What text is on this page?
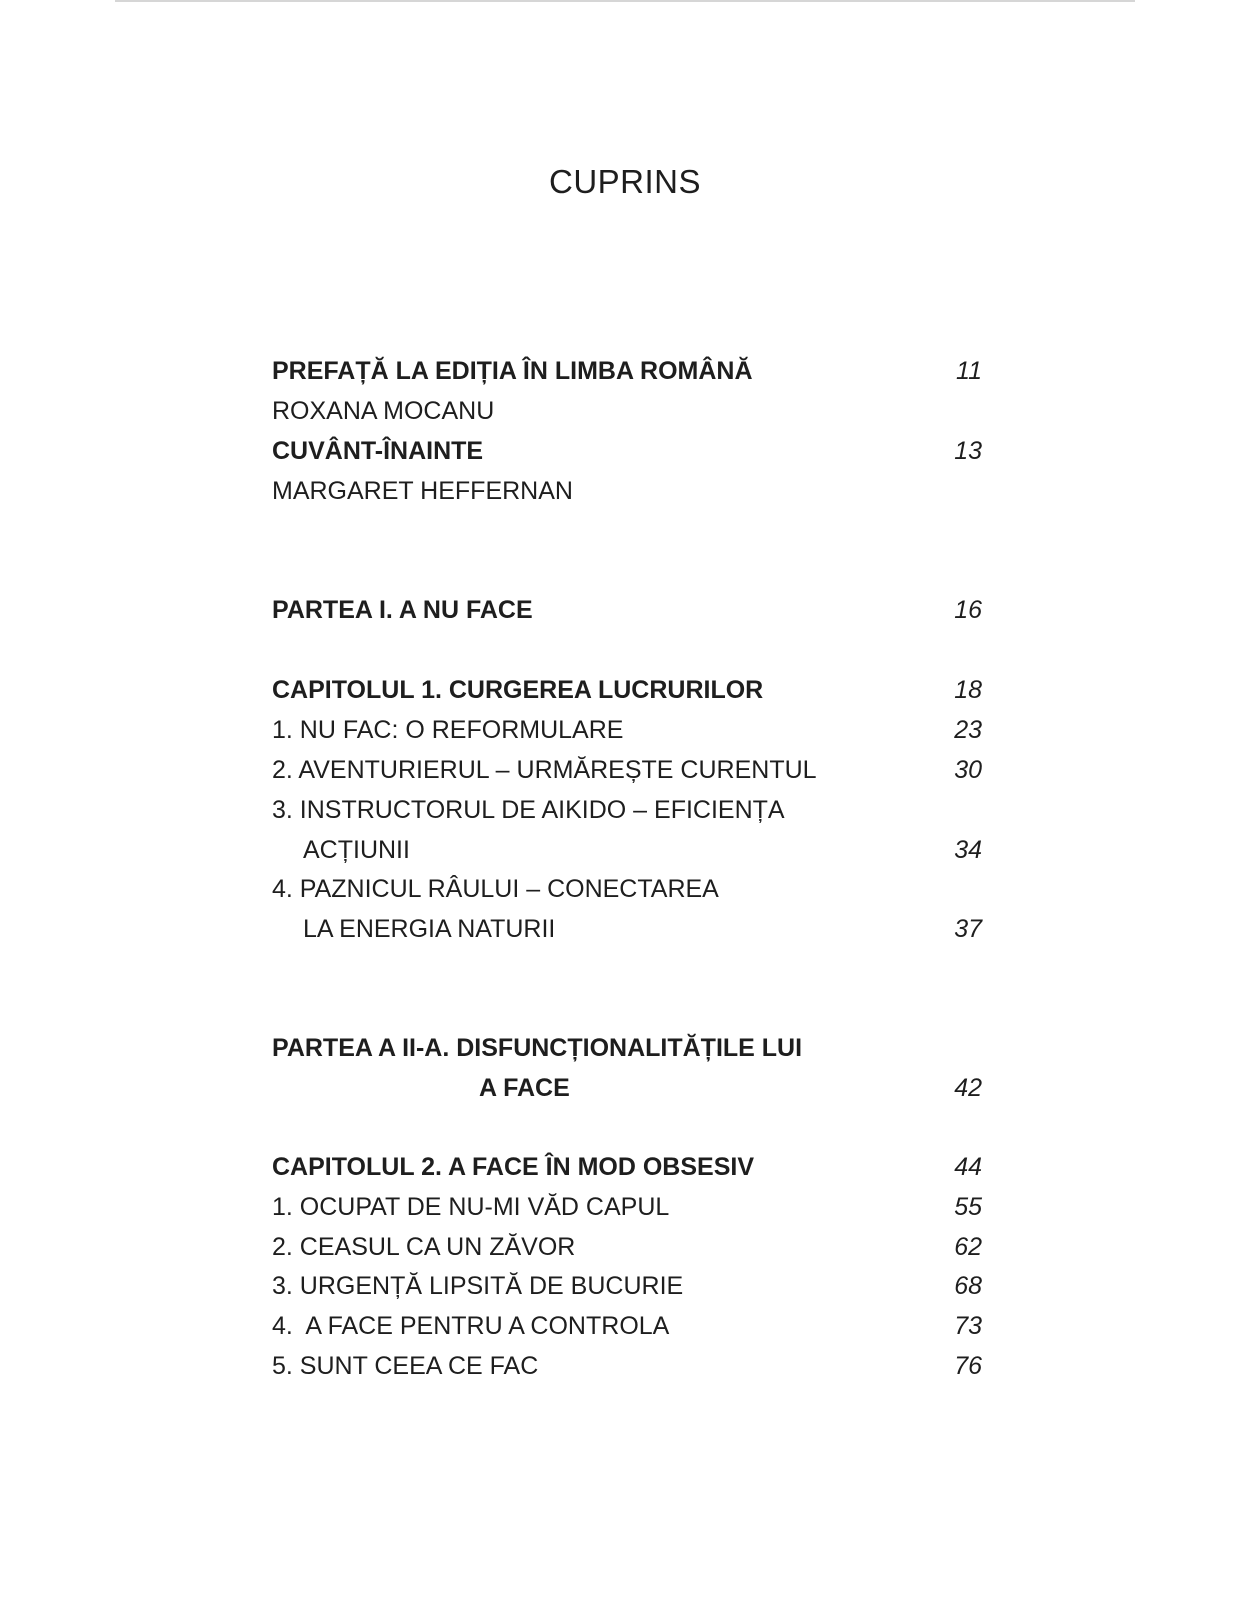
CUPRINS
PREFAȚĂ LA EDIȚIA ÎN LIMBA ROMÂNĂ	11
ROXANA MOCANU
CUVÂNT-ÎNAINTE	13
MARGARET HEFFERNAN
PARTEA I. A NU FACE	16
CAPITOLUL 1. CURGEREA LUCRURILOR	18
1. NU FAC: O REFORMULARE	23
2. AVENTURIERUL – URMĂREȘTE CURENTUL	30
3. INSTRUCTORUL DE AIKIDO – EFICIENȚA
ACȚIUNII	34
4. PAZNICUL RÂULUI – CONECTAREA
LA ENERGIA NATURII	37
PARTEA A II-A. DISFUNCȚIONALITĂȚILE LUI
A FACE	42
CAPITOLUL 2. A FACE ÎN MOD OBSESIV	44
1. OCUPAT DE NU-MI VĂD CAPUL	55
2. CEASUL CA UN ZĂVOR	62
3. URGENȚĂ LIPSITĂ DE BUCURIE	68
4.  A FACE PENTRU A CONTROLA	73
5. SUNT CEEA CE FAC	76
